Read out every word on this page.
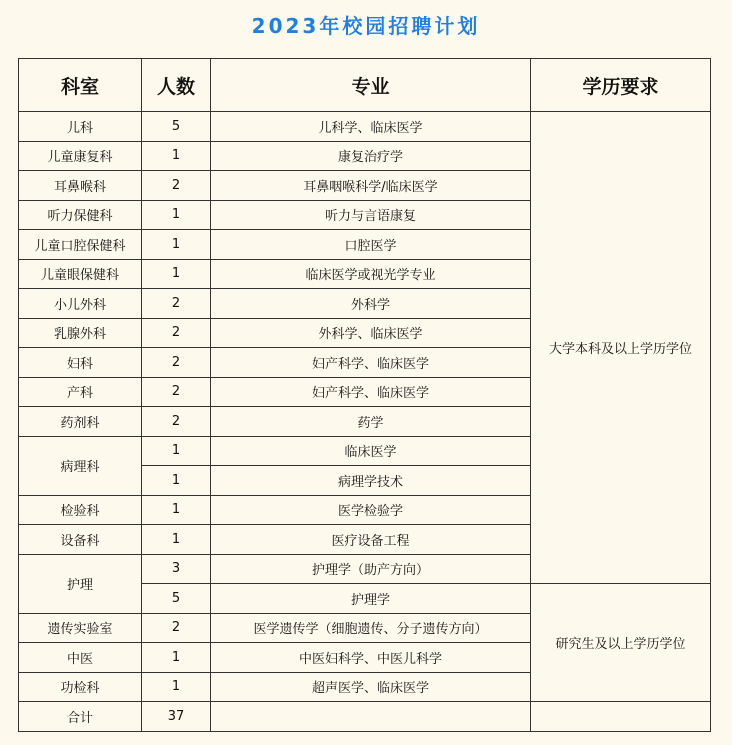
2023年校园招聘计划
科室	人数	专业	学历要求
儿科	5	儿科学、临床医学	大学本科及以上学历学位
儿童康复科	1	康复治疗学	
耳鼻喉科	2	耳鼻咽喉科学/临床医学	
听力保健科	1	听力与言语康复	
儿童口腔保健科	1	口腔医学	
儿童眼保健科	1	临床医学或视光学专业	
小儿外科	2	外科学	
乳腺外科	2	外科学、临床医学	
妇科	2	妇产科学、临床医学	
产科	2	妇产科学、临床医学	
药剂科	2	药学	
病理科	1	临床医学	
	1	病理学技术	
检验科	1	医学检验学	
设备科	1	医疗设备工程	
护理	3	护理学（助产方向）	
	5	护理学	研究生及以上学历学位
遗传实验室	2	医学遗传学（细胞遗传、分子遗传方向）	
中医	1	中医妇科学、中医儿科学	
功检科	1	超声医学、临床医学	
合计	37		
